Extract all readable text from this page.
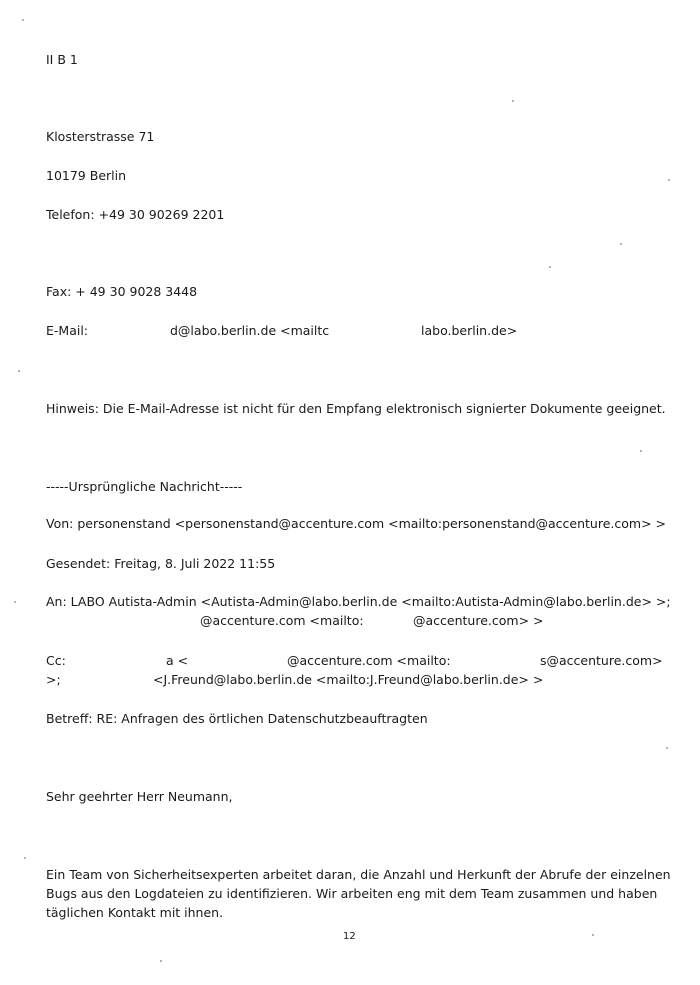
II B 1
Klosterstrasse 71
10179 Berlin
Telefon: +49 30 90269 2201
Fax: + 49 30 9028 3448
E-Mail:	d@labo.berlin.de <mailtc	labo.berlin.de>
Hinweis: Die E-Mail-Adresse ist nicht für den Empfang elektronisch signierter Dokumente geeignet.
-----Ursprüngliche Nachricht-----
Von: personenstand <personenstand@accenture.com <mailto:personenstand@accenture.com> >
Gesendet: Freitag, 8. Juli 2022 11:55
An: LABO Autista-Admin <Autista-Admin@labo.berlin.de <mailto:Autista-Admin@labo.berlin.de> >;
@accenture.com <mailto:	@accenture.com> >
Cc:	a <	@accenture.com <mailto:	s@accenture.com>
>;	<J.Freund@labo.berlin.de <mailto:J.Freund@labo.berlin.de> >
Betreff: RE: Anfragen des örtlichen Datenschutzbeauftragten
Sehr geehrter Herr Neumann,
Ein Team von Sicherheitsexperten arbeitet daran, die Anzahl und Herkunft der Abrufe der einzelnen
Bugs aus den Logdateien zu identifizieren. Wir arbeiten eng mit dem Team zusammen und haben
täglichen Kontakt mit ihnen.
12
